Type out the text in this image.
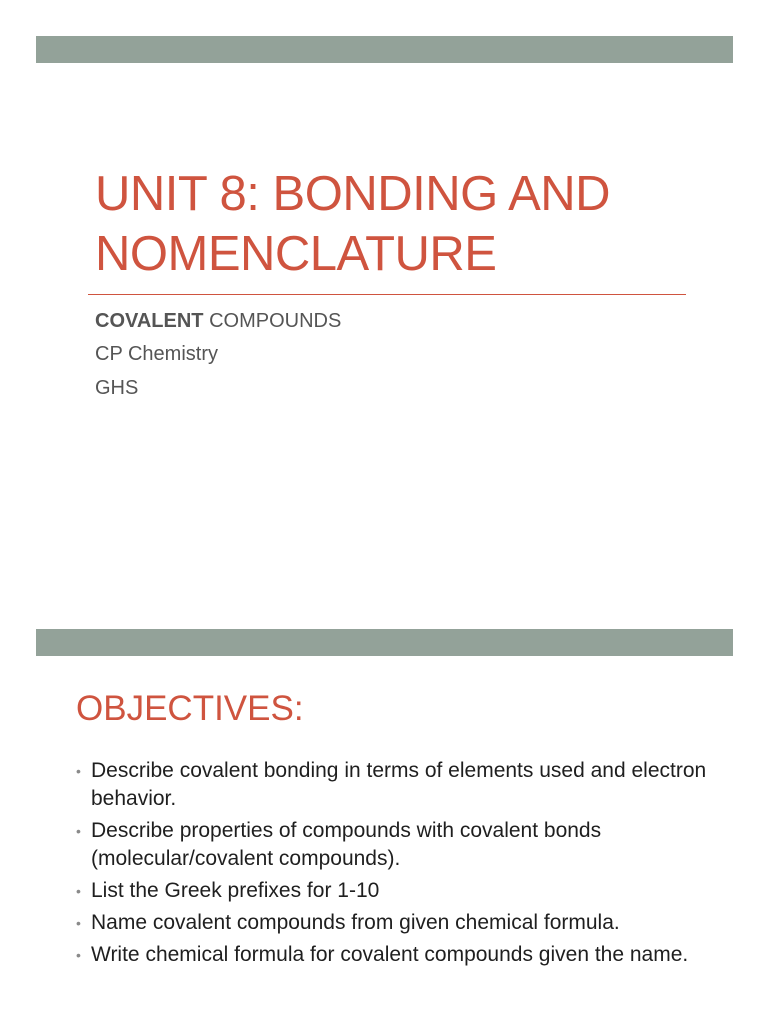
UNIT 8: BONDING AND NOMENCLATURE
COVALENT COMPOUNDS
CP Chemistry
GHS
OBJECTIVES:
• Describe covalent bonding in terms of elements used and electron behavior.
• Describe properties of compounds with covalent bonds (molecular/covalent compounds).
• List the Greek prefixes for 1-10
• Name covalent compounds from given chemical formula.
• Write chemical formula for covalent compounds given the name.
